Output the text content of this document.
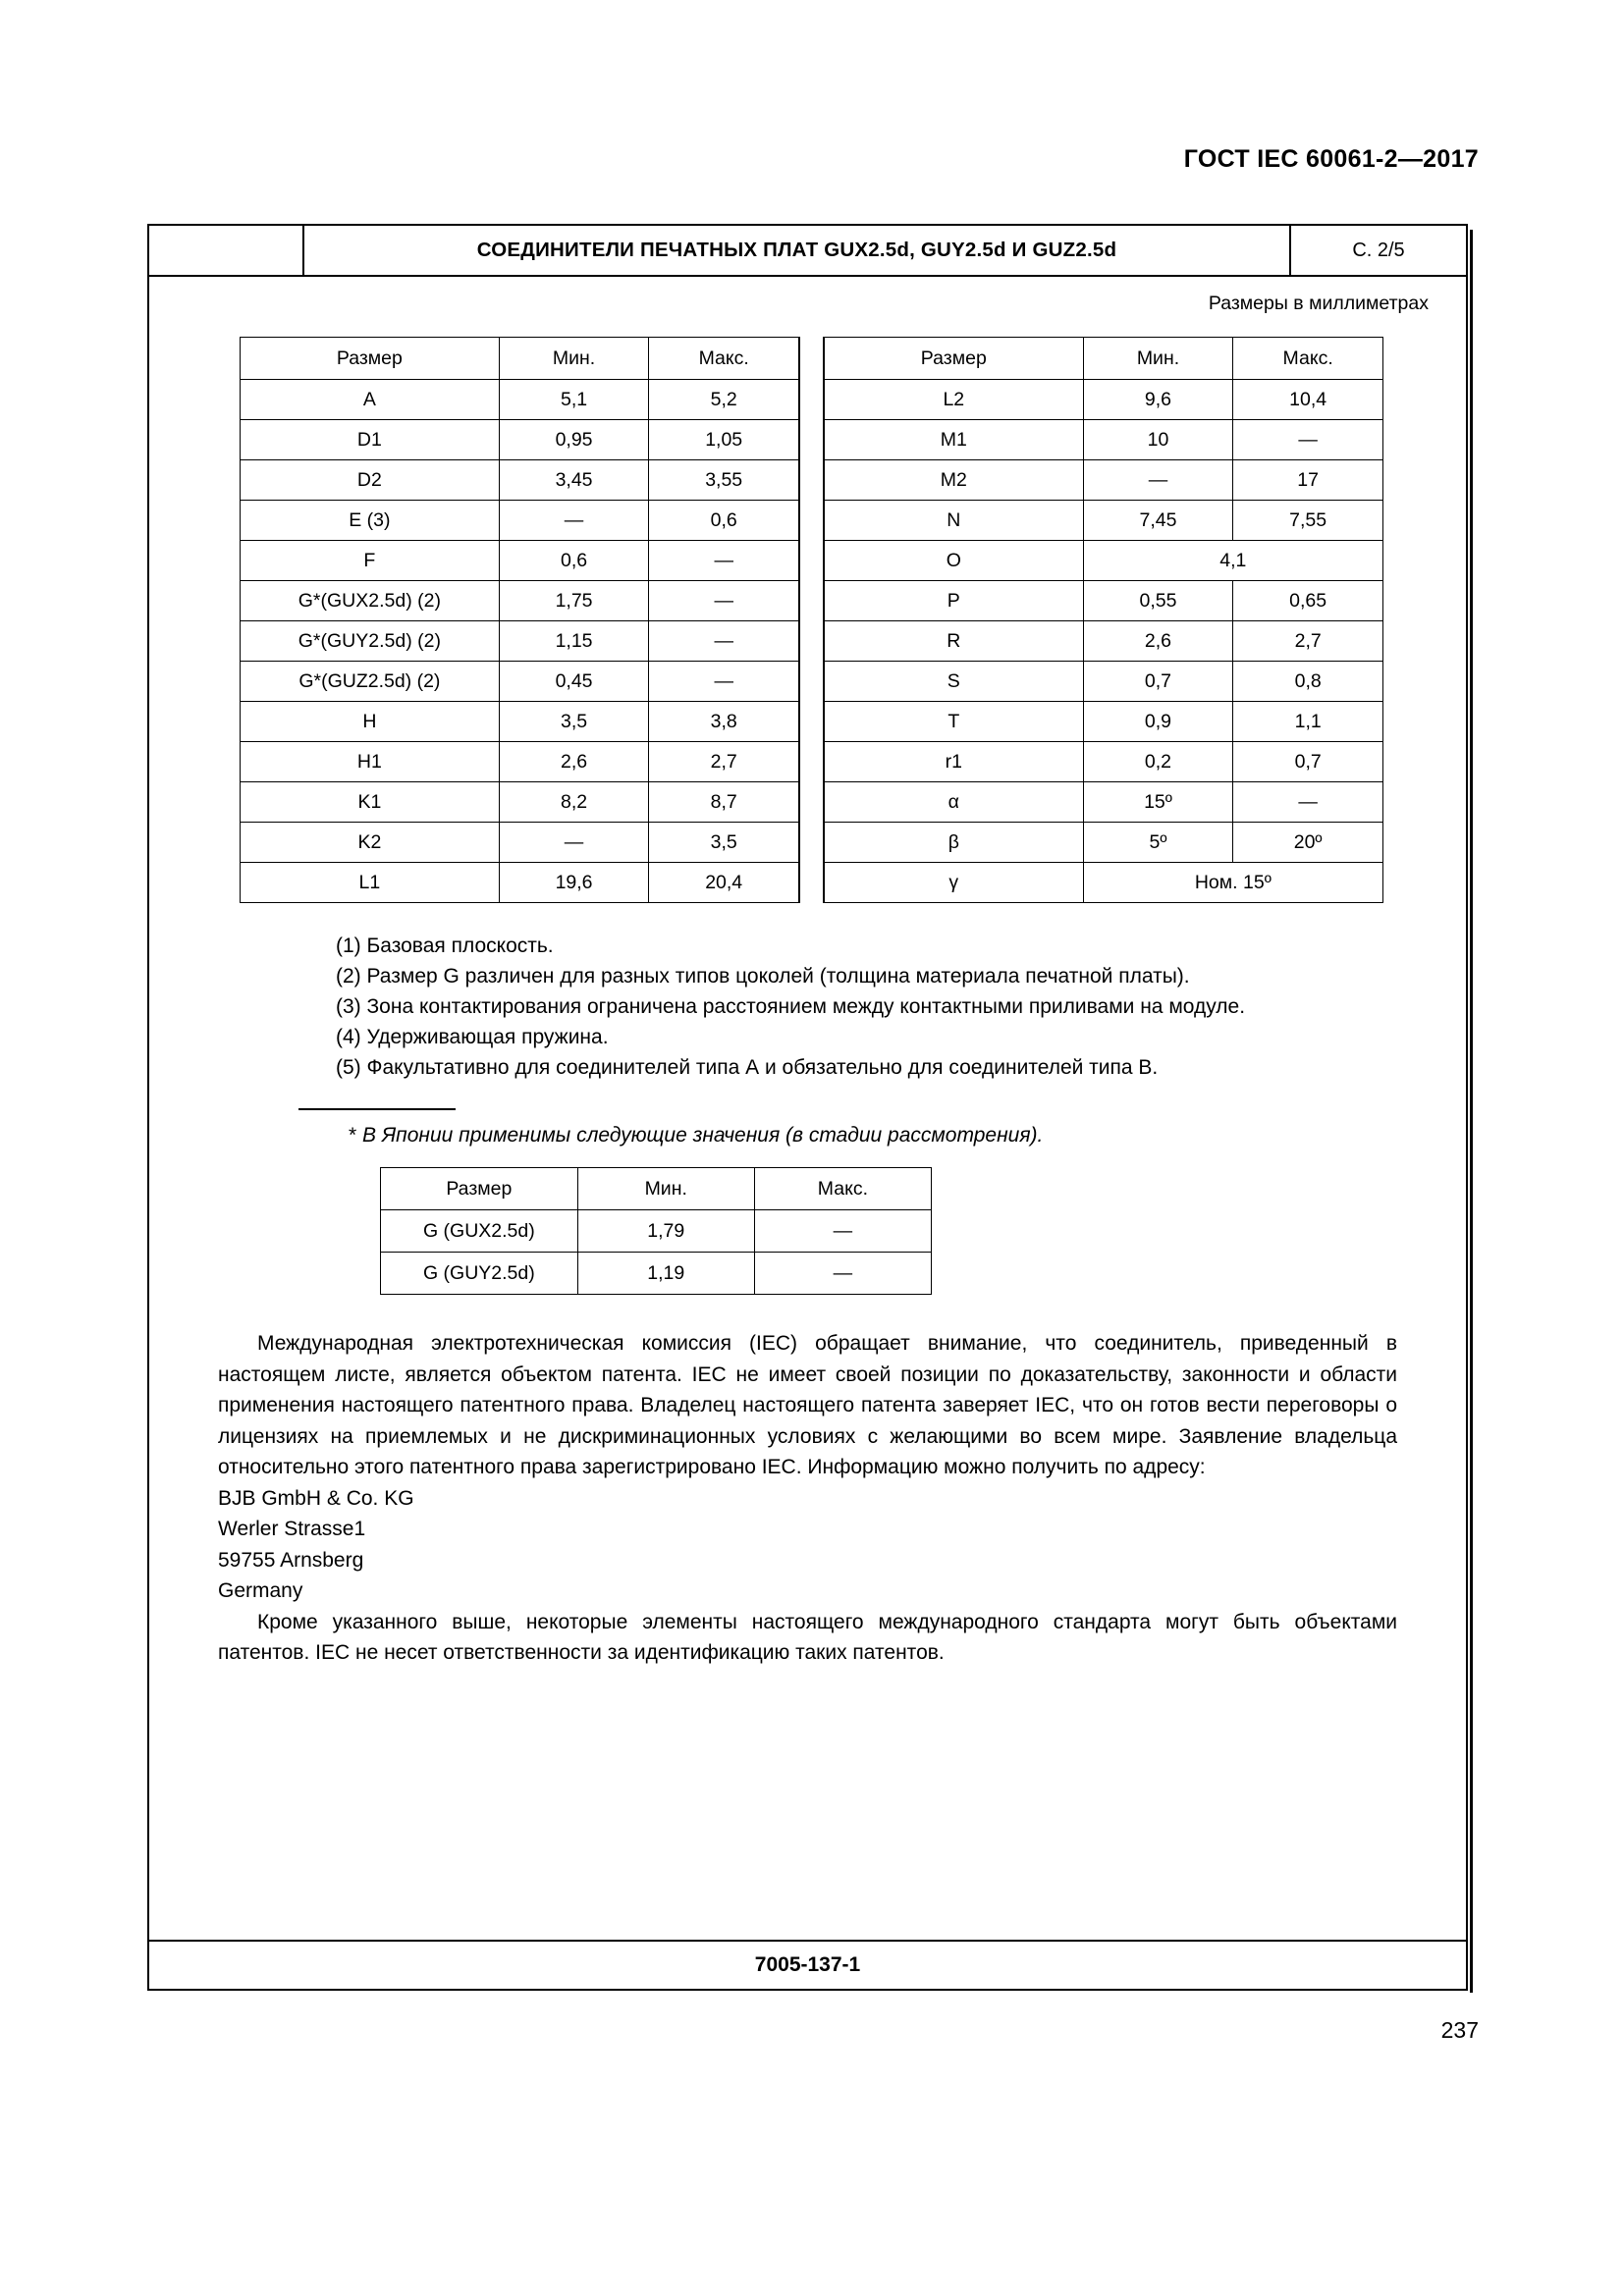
ГОСТ IEC 60061-2—2017
СОЕДИНИТЕЛИ ПЕЧАТНЫХ ПЛАТ GUX2.5d, GUY2.5d И GUZ2.5d	С. 2/5
Размеры в миллиметрах
Размер	Мин.	Макс.		Размер	Мин.	Макс.
A	5,1	5,2		L2	9,6	10,4
D1	0,95	1,05		M1	10	—
D2	3,45	3,55		M2	—	17
E (3)	—	0,6		N	7,45	7,55
F	0,6	—		O	4,1	
G*(GUX2.5d) (2)	1,75	—		P	0,55	0,65
G*(GUY2.5d) (2)	1,15	—		R	2,6	2,7
G*(GUZ2.5d) (2)	0,45	—		S	0,7	0,8
H	3,5	3,8		T	0,9	1,1
H1	2,6	2,7		r1	0,2	0,7
K1	8,2	8,7		α	15º	—
K2	—	3,5		β	5º	20º
L1	19,6	20,4		γ	Ном. 15º	
(1) Базовая плоскость.
(2) Размер G различен для разных типов цоколей (толщина материала печатной платы).
(3) Зона контактирования ограничена расстоянием между контактными приливами на модуле.
(4) Удерживающая пружина.
(5) Факультативно для соединителей типа А и обязательно для соединителей типа В.
* В Японии применимы следующие значения (в стадии рассмотрения).
Размер	Мин.	Макс.
G (GUX2.5d)	1,79	—
G (GUY2.5d)	1,19	—

Международная электротехническая комиссия (IEC) обращает внимание, что соединитель, приведенный в настоящем листе, является объектом патента. IEC не имеет своей позиции по доказательству, законности и области применения настоящего патентного права. Владелец настоящего патента заверяет IEC, что он готов вести переговоры о лицензиях на приемлемых и не дискриминационных условиях с желающими во всем мире. Заявление владельца относительно этого патентного права зарегистрировано IEC. Информацию можно получить по адресу:

BJB GmbH & Co. KG

Werler Strasse1

59755 Arnsberg

Germany

Кроме указанного выше, некоторые элементы настоящего международного стандарта могут быть объектами патентов. IEC не несет ответственности за идентификацию таких патентов.

7005-137-1
237
